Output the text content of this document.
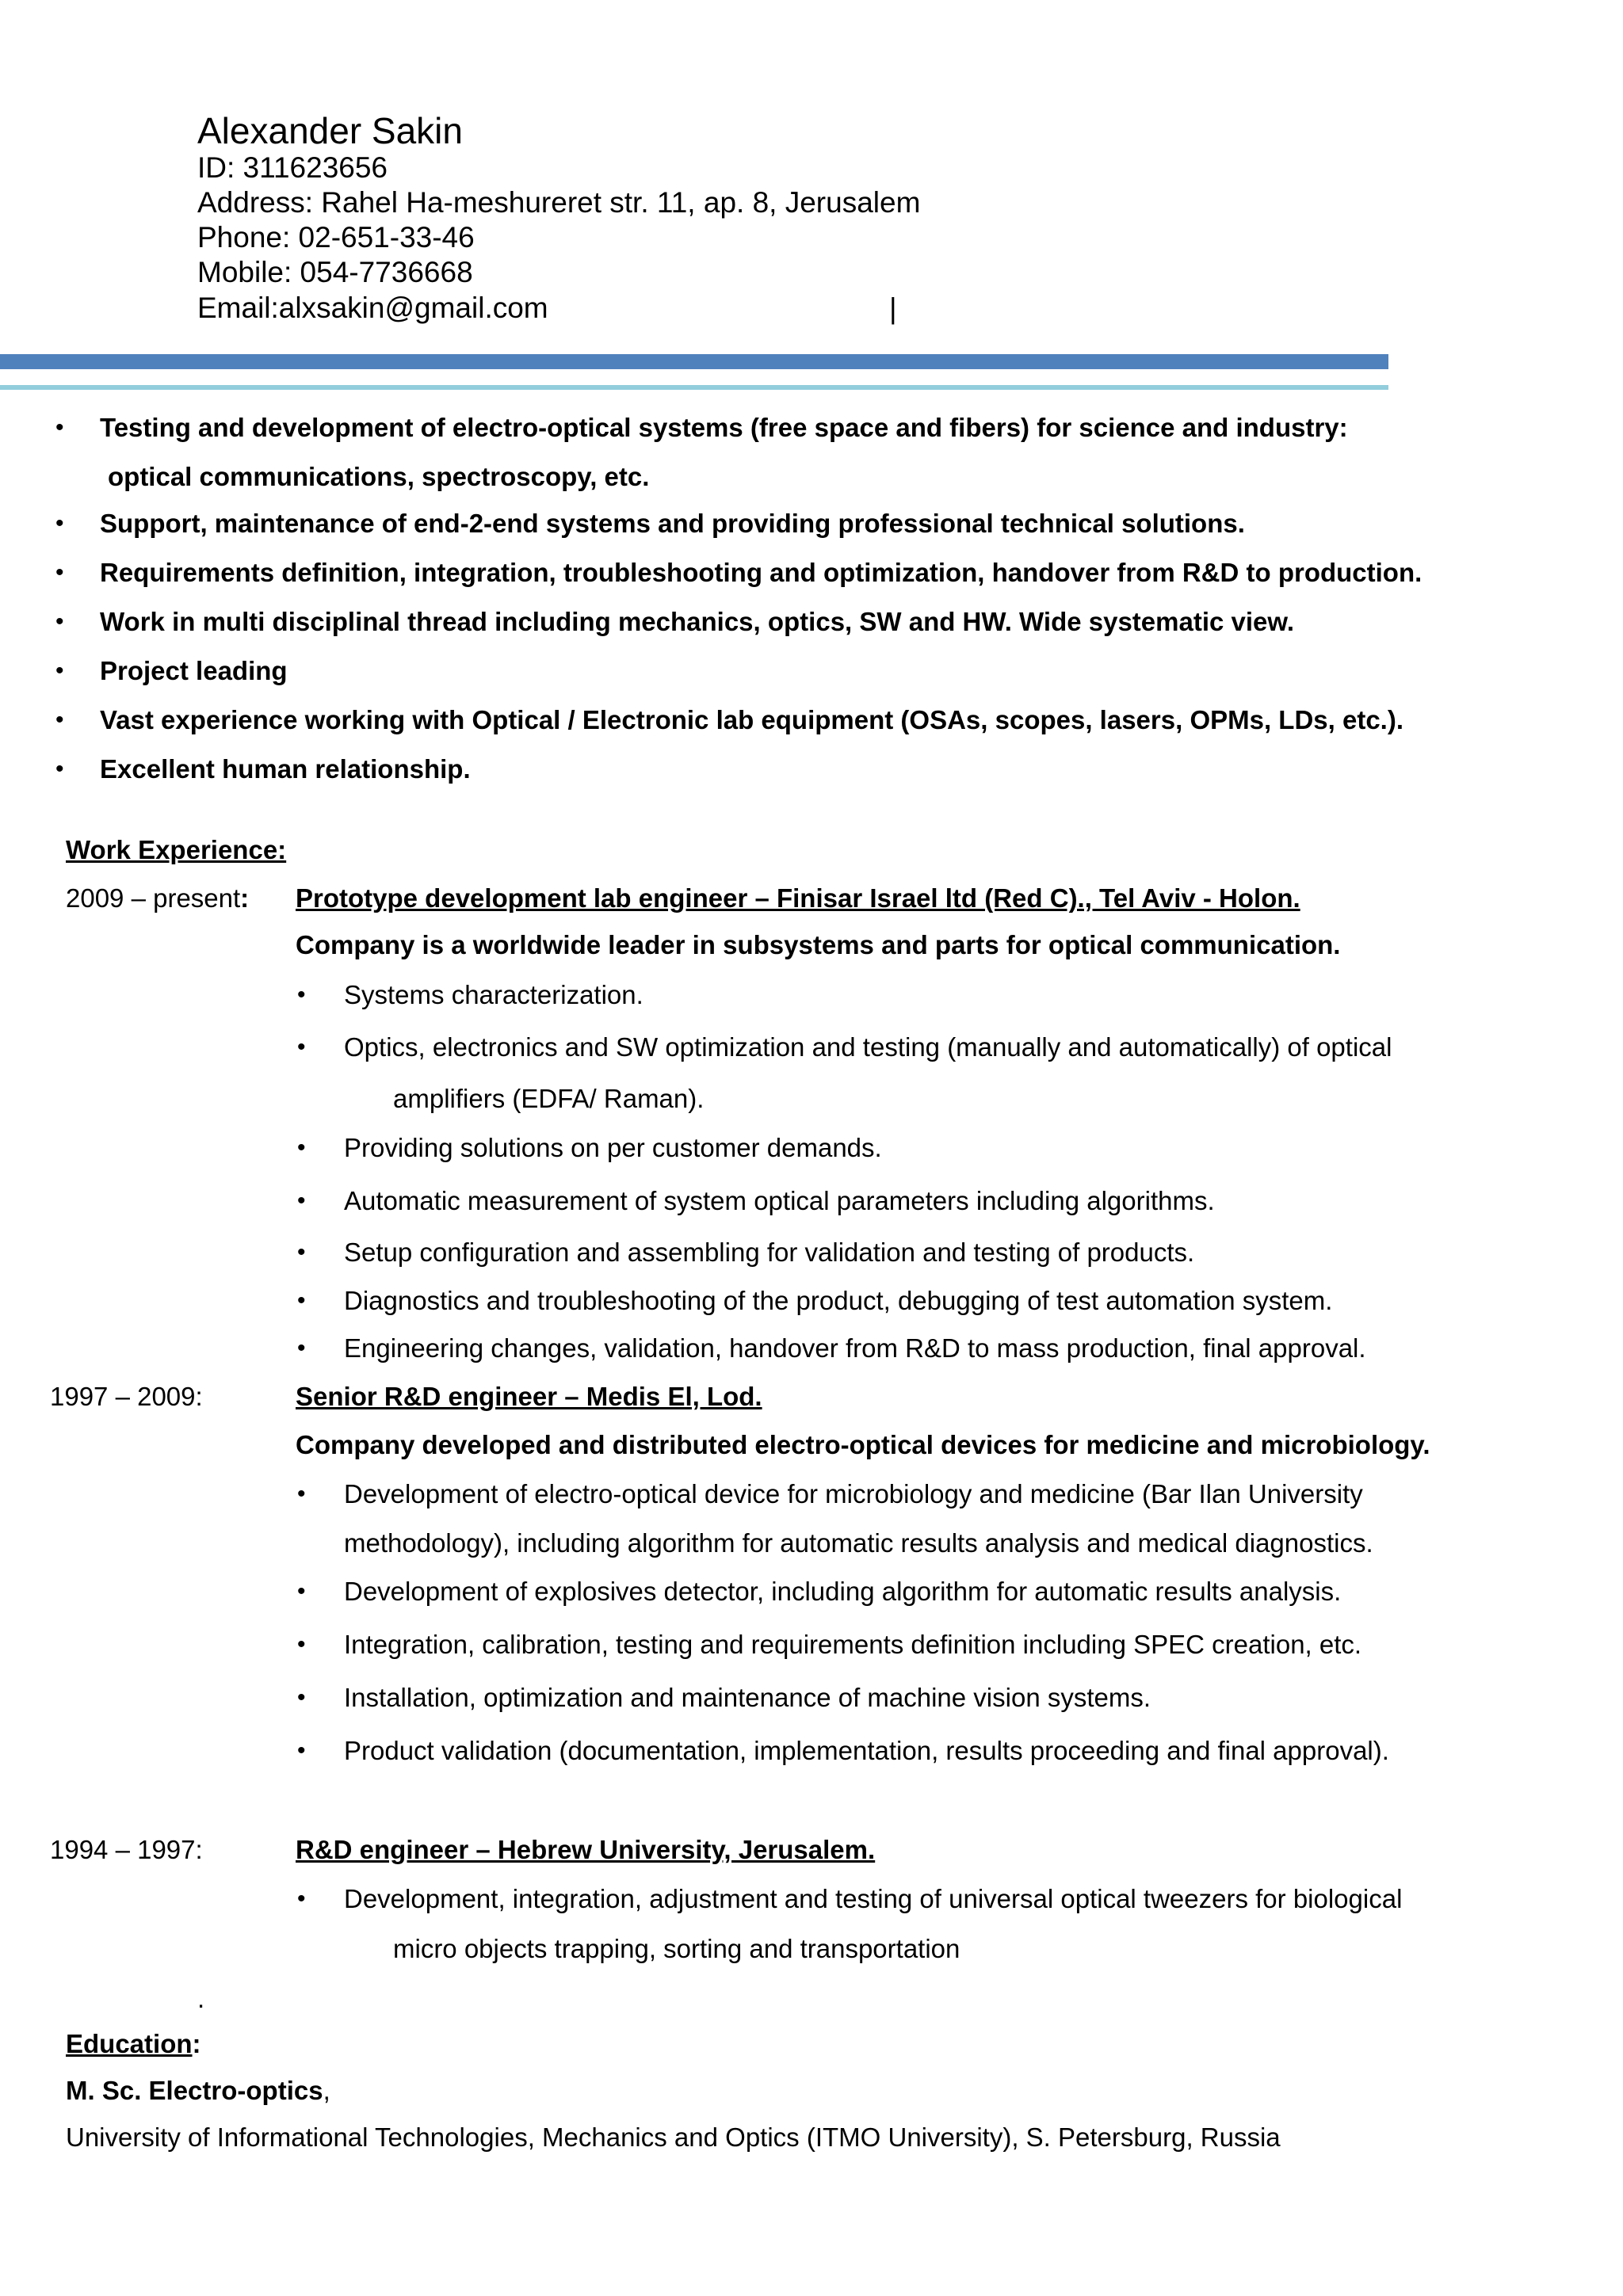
Alexander Sakin
ID: 311623656
Address: Rahel Ha-meshureret str. 11, ap. 8, Jerusalem
Phone: 02-651-33-46
Mobile: 054-7736668
Email:alxsakin@gmail.com	|
• Testing and development of electro-optical systems (free space and fibers) for science and industry:
optical communications, spectroscopy, etc.
• Support, maintenance of end-2-end systems and providing professional technical solutions.
• Requirements definition, integration, troubleshooting and optimization, handover from R&D to production.
• Work in multi disciplinal thread including mechanics, optics, SW and HW. Wide systematic view.
• Project leading
• Vast experience working with Optical / Electronic lab equipment (OSAs, scopes, lasers, OPMs, LDs, etc.).
• Excellent human relationship.
Work Experience:
2009 – present: Prototype development lab engineer – Finisar Israel ltd (Red C)., Tel Aviv - Holon.
Company is a worldwide leader in subsystems and parts for optical communication.
• Systems characterization.
• Optics, electronics and SW optimization and testing (manually and automatically) of optical
amplifiers (EDFA/ Raman).
• Providing solutions on per customer demands.
• Automatic measurement of system optical parameters including algorithms.
• Setup configuration and assembling for validation and testing of products.
• Diagnostics and troubleshooting of the product, debugging of test automation system.
• Engineering changes, validation, handover from R&D to mass production, final approval.
1997 – 2009:	Senior R&D engineer – Medis El, Lod.
Company developed and distributed electro-optical devices for medicine and microbiology.
• Development of electro-optical device for microbiology and medicine (Bar Ilan University
methodology), including algorithm for automatic results analysis and medical diagnostics.
• Development of explosives detector, including algorithm for automatic results analysis.
• Integration, calibration, testing and requirements definition including SPEC creation, etc.
• Installation, optimization and maintenance of machine vision systems.
• Product validation (documentation, implementation, results proceeding and final approval).
1994 – 1997:	R&D engineer – Hebrew University, Jerusalem.
• Development, integration, adjustment and testing of universal optical tweezers for biological
micro objects trapping, sorting and transportation
.
Education:
M. Sc. Electro-optics,
University of Informational Technologies, Mechanics and Optics (ITMO University), S. Petersburg, Russia
